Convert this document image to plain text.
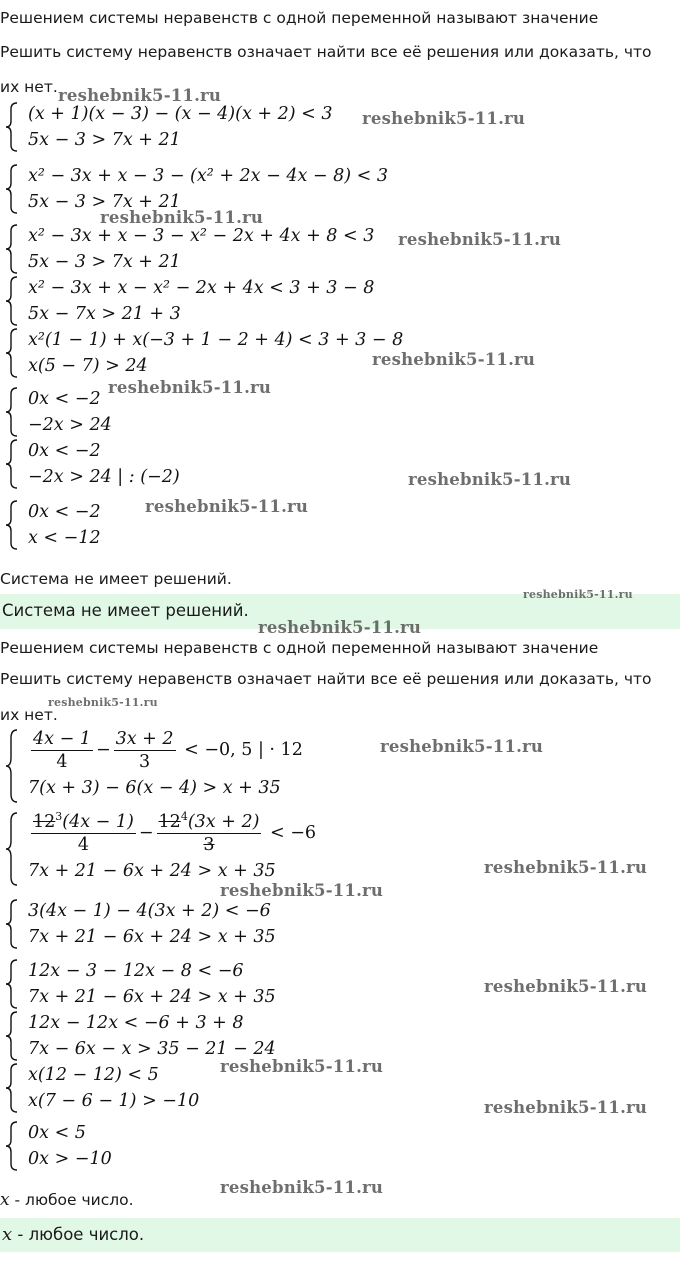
Решением системы неравенств с одной переменной называют значение
Решить систему неравенств означает найти все её решения или доказать, что
их нет.
(x + 1)(x − 3) − (x − 4)(x + 2) < 3
5x − 3 > 7x + 21
x² − 3x + x − 3 − (x² + 2x − 4x − 8) < 3
5x − 3 > 7x + 21
x² − 3x + x − 3 − x² − 2x + 4x + 8 < 3
5x − 3 > 7x + 21
x² − 3x + x − x² − 2x + 4x < 3 + 3 − 8
5x − 7x > 21 + 3
x²(1 − 1) + x(−3 + 1 − 2 + 4) < 3 + 3 − 8
x(5 − 7) > 24
0x < −2
−2x > 24
0x < −2
−2x > 24 | : (−2)
0x < −2
x < −12
Система не имеет решений.
Система не имеет решений.
Решением системы неравенств с одной переменной называют значение
Решить систему неравенств означает найти все её решения или доказать, что
их нет.
$\frac{4x - 1}{4} - \frac{3x + 2}{3} < -0$, 5 | · 12
7(x + 3) − 6(x − 4) > x + 35
$\frac{12^3(4x - 1)}{4} - \frac{12^4(3x + 2)}{3} < -6$
7x + 21 − 6x + 24 > x + 35
3(4x − 1) − 4(3x + 2) < −6
7x + 21 − 6x + 24 > x + 35
12x − 3 − 12x − 8 < −6
7x + 21 − 6x + 24 > x + 35
12x − 12x < −6 + 3 + 8
7x − 6x − x > 35 − 21 − 24
x(12 − 12) < 5
x(7 − 6 − 1) > −10
0x < 5
0x > −10
x - любое число.
x - любое число.
reshebnik5-11.ru
reshebnik5-11.ru
reshebnik5-11.ru
reshebnik5-11.ru
reshebnik5-11.ru
reshebnik5-11.ru
reshebnik5-11.ru
reshebnik5-11.ru
reshebnik5-11.ru
reshebnik5-11.ru
reshebnik5-11.ru
reshebnik5-11.ru
reshebnik5-11.ru
reshebnik5-11.ru
reshebnik5-11.ru
reshebnik5-11.ru
reshebnik5-11.ru
reshebnik5-11.ru
